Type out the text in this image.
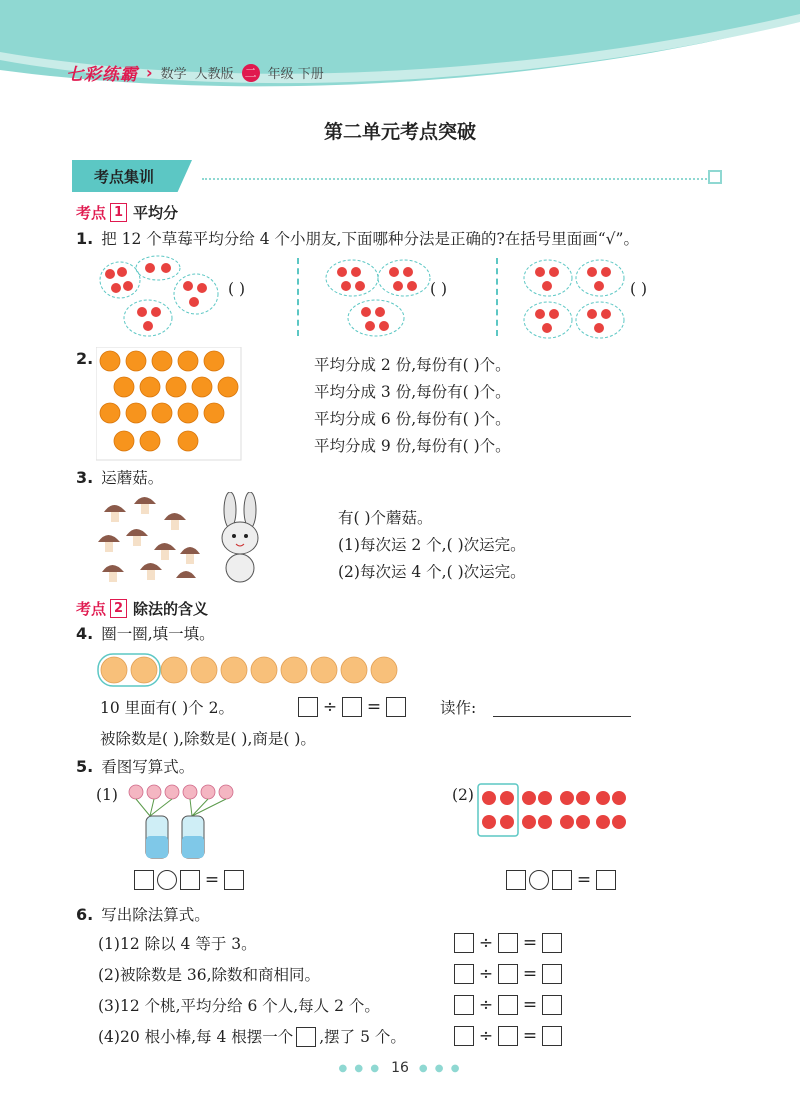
七彩练霸 › 数学 人教版 二 年级 下册
第二单元考点突破
考点集训
考点 1 平均分
1. 把 12 个草莓平均分给 4 个小朋友,下面哪种分法是正确的?在括号里面画“√”。
( )	( )	( )
2.	平均分成 2 份,每份有( )个。
平均分成 3 份,每份有( )个。
平均分成 6 份,每份有( )个。
平均分成 9 份,每份有( )个。
3. 运蘑菇。
有( )个蘑菇。
(1)每次运 2 个,( )次运完。
(2)每次运 4 个,( )次运完。
考点 2 除法的含义
4. 圈一圈,填一填。
10 里面有( )个 2。	÷ =	读作:
被除数是( ),除数是( ),商是( )。
5. 看图写算式。
(1)
=
(2)
=
6. 写出除法算式。
(1)12 除以 4 等于 3。
(2)被除数是 36,除数和商相同。
(3)12 个桃,平均分给 6 个人,每人 2 个。
(4)20 根小棒,每 4 根摆一个 ,摆了 5 个。
÷ =
÷ =
÷ =
÷ =
● ● ● 16 ● ● ●
